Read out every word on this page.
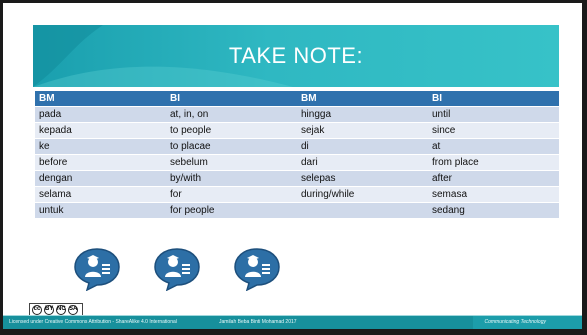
TAKE NOTE:
BM	BI	BM	BI
pada	at, in, on	hingga	until
kepada	to people	sejak	since
ke	to placae	di	at
before	sebelum	dari	from place
dengan	by/with	selepas	after
selama	for	during/while	semasa
untuk	for people		sedang
cc BY NC SA
Licensed under Creative Commons Attribution - ShareAlike 4.0 International	Jamilah Beba Binti Mohamad 2017	Communicating Technology
